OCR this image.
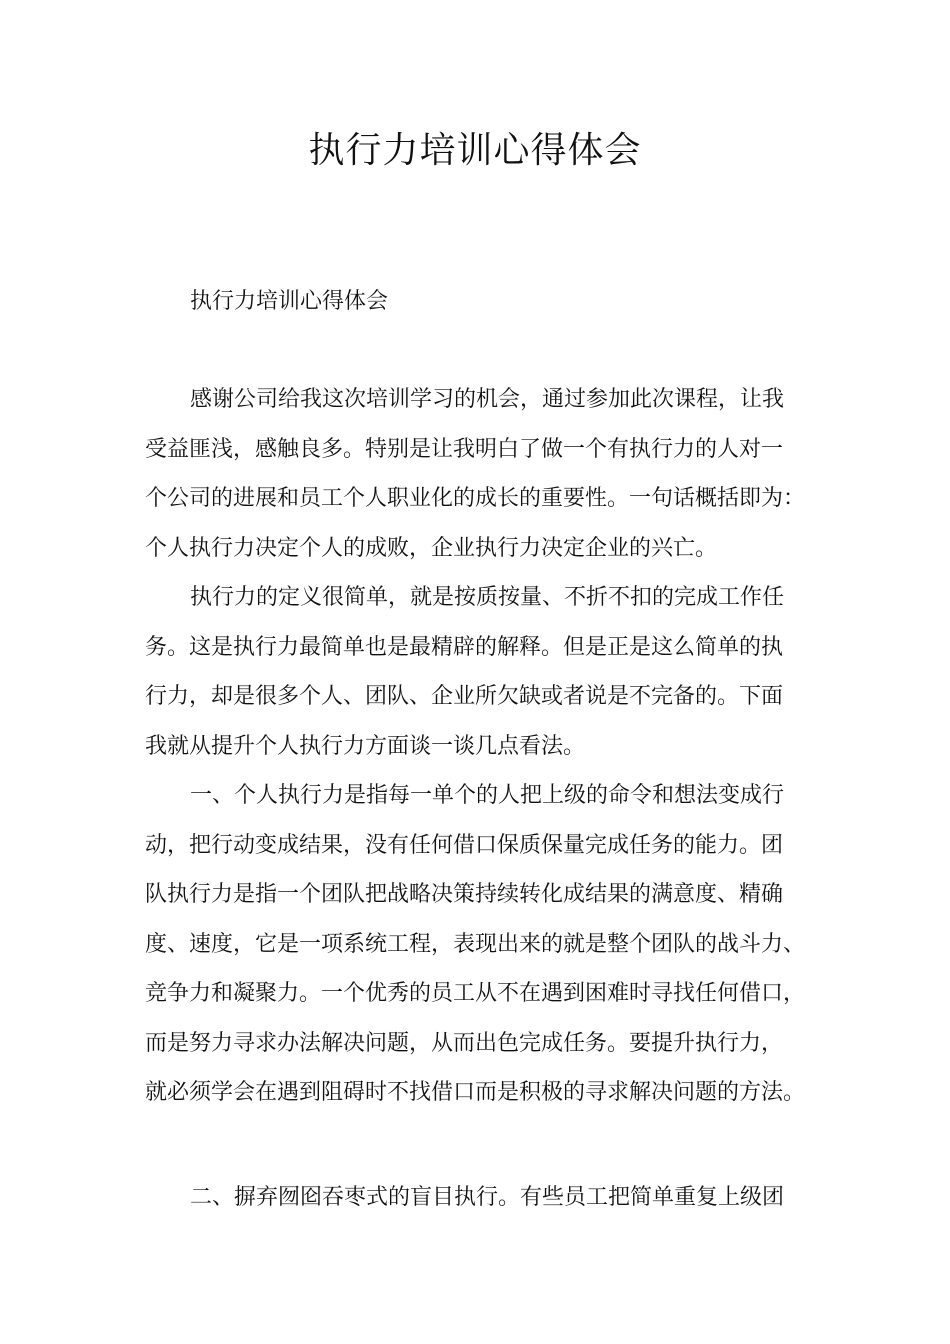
执行力培训心得体会
执行力培训心得体会
感谢公司给我这次培训学习的机会，通过参加此次课程，让我
受益匪浅，感触良多。特别是让我明白了做一个有执行力的人对一
个公司的进展和员工个人职业化的成长的重要性。一句话概括即为：
个人执行力决定个人的成败，企业执行力决定企业的兴亡。
执行力的定义很简单，就是按质按量、不折不扣的完成工作任
务。这是执行力最简单也是最精辟的解释。但是正是这么简单的执
行力，却是很多个人、团队、企业所欠缺或者说是不完备的。下面
我就从提升个人执行力方面谈一谈几点看法。
一、个人执行力是指每一单个的人把上级的命令和想法变成行
动，把行动变成结果，没有任何借口保质保量完成任务的能力。团
队执行力是指一个团队把战略决策持续转化成结果的满意度、精确
度、速度，它是一项系统工程，表现出来的就是整个团队的战斗力、
竞争力和凝聚力。一个优秀的员工从不在遇到困难时寻找任何借口，
而是努力寻求办法解决问题，从而出色完成任务。要提升执行力，
就必须学会在遇到阻碍时不找借口而是积极的寻求解决问题的方法。
二、摒弃囫囵吞枣式的盲目执行。有些员工把简单重复上级团
